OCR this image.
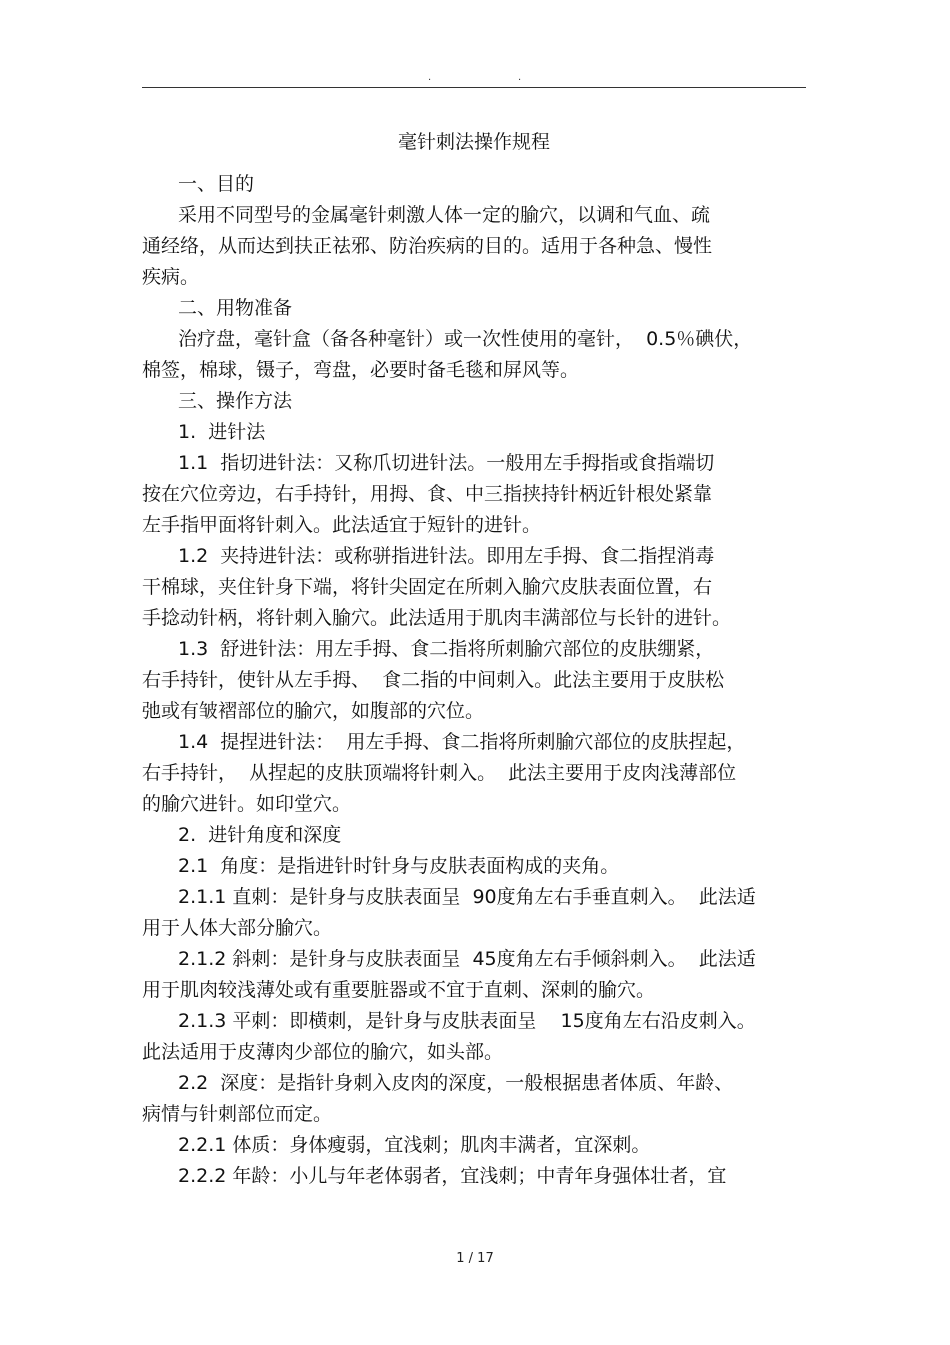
.	.
毫针刺法操作规程
一、目的
采用不同型号的金属毫针刺激人体一定的腧穴，以调和气血、疏
通经络，从而达到扶正祛邪、防治疾病的目的。适用于各种急、慢性
疾病。
二、用物准备
治疗盘，毫针盒（备各种毫针）或一次性使用的毫针，  0.5％碘伏，
棉签，棉球，镊子，弯盘，必要时备毛毯和屏风等。
三、操作方法
1.  进针法
1.1  指切进针法：又称爪切进针法。一般用左手拇指或食指端切
按在穴位旁边，右手持针，用拇、食、中三指挟持针柄近针根处紧靠
左手指甲面将针刺入。此法适宜于短针的进针。
1.2  夹持进针法：或称骈指进针法。即用左手拇、食二指捏消毒
干棉球，夹住针身下端，将针尖固定在所刺入腧穴皮肤表面位置，右
手捻动针柄，将针刺入腧穴。此法适用于肌肉丰满部位与长针的进针。
1.3  舒进针法：用左手拇、食二指将所刺腧穴部位的皮肤绷紧，
右手持针，使针从左手拇、  食二指的中间刺入。此法主要用于皮肤松
弛或有皱褶部位的腧穴，如腹部的穴位。
1.4  提捏进针法：  用左手拇、食二指将所刺腧穴部位的皮肤捏起，
右手持针，  从捏起的皮肤顶端将针刺入。  此法主要用于皮肉浅薄部位
的腧穴进针。如印堂穴。
2.  进针角度和深度
2.1  角度：是指进针时针身与皮肤表面构成的夹角。
2.1.1 直刺：是针身与皮肤表面呈  90度角左右手垂直刺入。  此法适
用于人体大部分腧穴。
2.1.2 斜刺：是针身与皮肤表面呈  45度角左右手倾斜刺入。  此法适
用于肌肉较浅薄处或有重要脏器或不宜于直刺、深刺的腧穴。
2.1.3 平刺：即横刺，是针身与皮肤表面呈    15度角左右沿皮刺入。
此法适用于皮薄肉少部位的腧穴，如头部。
2.2  深度：是指针身刺入皮肉的深度，一般根据患者体质、年龄、
病情与针刺部位而定。
2.2.1 体质：身体瘦弱，宜浅刺；肌肉丰满者，宜深刺。
2.2.2 年龄：小儿与年老体弱者，宜浅刺；中青年身强体壮者，宜
1 / 17
